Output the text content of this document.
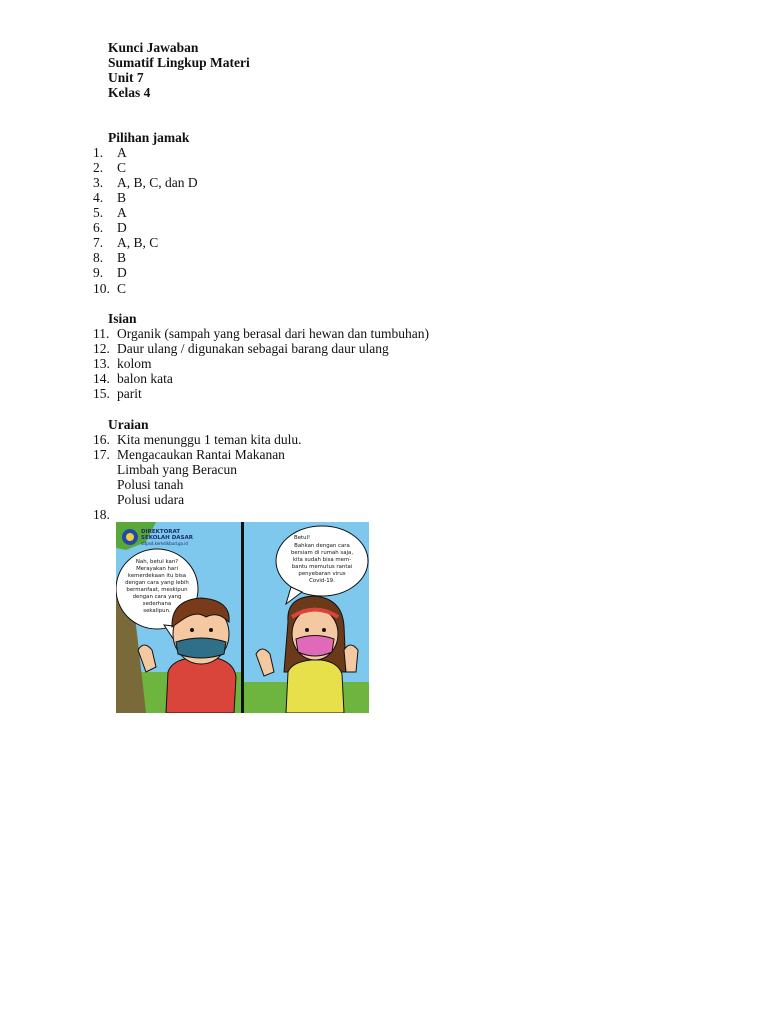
Kunci Jawaban
Sumatif Lingkup Materi
Unit 7
Kelas 4
Pilihan jamak
1. A
2. C
3. A, B, C, dan D
4. B
5. A
6. D
7. A, B, C
8. B
9. D
10. C
Isian
11. Organik (sampah yang berasal dari hewan dan tumbuhan)
12. Daur ulang / digunakan sebagai barang daur ulang
13. kolom
14. balon kata
15. parit
Uraian
16. Kita menunggu 1 teman kita dulu.
17. Mengacaukan Rantai Makanan
Limbah yang Beracun
Polusi tanah
Polusi udara
18.
DIREKTORAT
SEKOLAH DASAR
ditpsd.kemdikbud.go.id
Nah, betul kan?
Merayakan hari
kemerdekaan itu bisa
dengan cara yang lebih
bermanfaat, meskipun
dengan cara yang
sederhana
sekalipun.
Betul!
Bahkan dengan cara
bersiam di rumah saja,
kita sudah bisa mem-
bantu memutus rantai
penyebaran virus
Covid-19.
